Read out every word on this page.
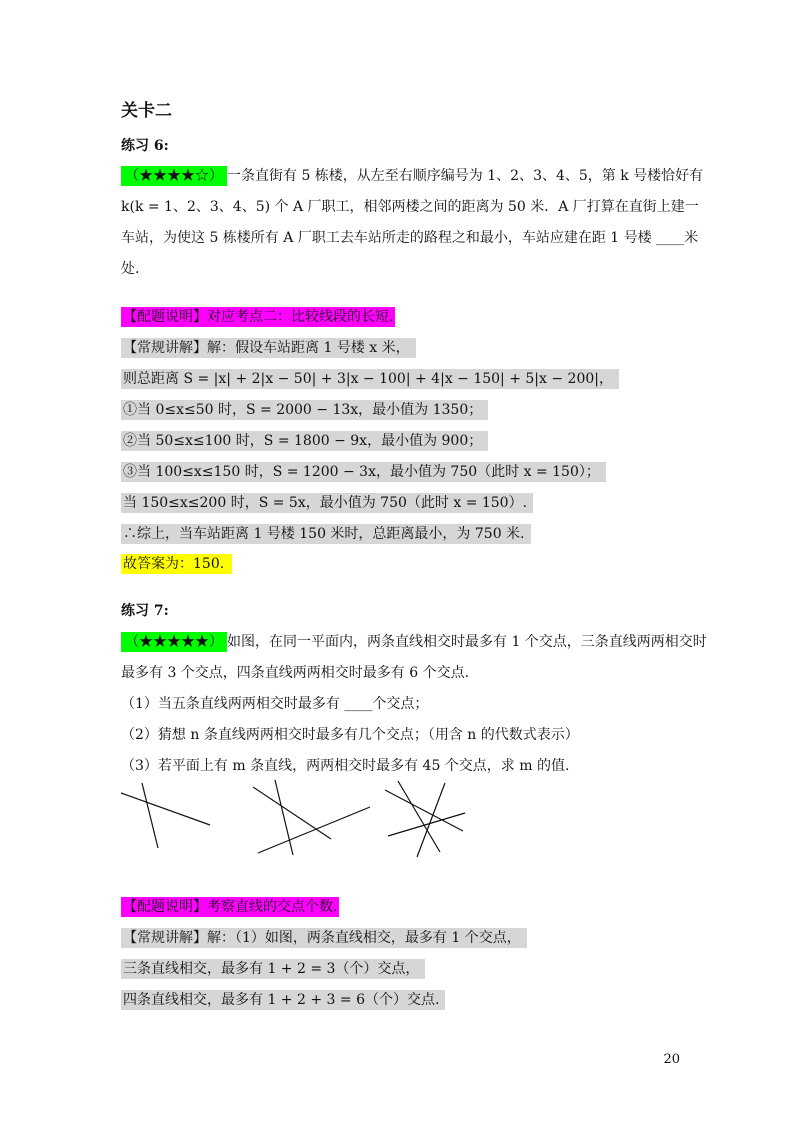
关卡二
练习 6:
（★★★★☆） 一条直街有 5 栋楼，从左至右顺序编号为 1、2、3、4、5，第 k 号楼恰好有
k(k = 1、2、3、4、5) 个 A 厂职工，相邻两楼之间的距离为 50 米．A 厂打算在直街上建一
车站，为使这 5 栋楼所有 A 厂职工去车站所走的路程之和最小，车站应建在距 1 号楼 ____米
处.
【配题说明】对应考点二：比较线段的长短.
【常规讲解】解：假设车站距离 1 号楼 x 米，
则总距离 S = |x| + 2|x − 50| + 3|x − 100| + 4|x − 150| + 5|x − 200|，
①当 0≤x≤50 时，S = 2000 − 13x，最小值为 1350；
②当 50≤x≤100 时，S = 1800 − 9x，最小值为 900；
③当 100≤x≤150 时，S = 1200 − 3x，最小值为 750（此时 x = 150）；
当 150≤x≤200 时，S = 5x，最小值为 750（此时 x = 150）.
∴综上，当车站距离 1 号楼 150 米时，总距离最小，为 750 米.
故答案为：150.
练习 7:
（★★★★★） 如图，在同一平面内，两条直线相交时最多有 1 个交点，三条直线两两相交时
最多有 3 个交点，四条直线两两相交时最多有 6 个交点.
（1）当五条直线两两相交时最多有 ____个交点；
（2）猜想 n 条直线两两相交时最多有几个交点；（用含 n 的代数式表示）
（3）若平面上有 m 条直线，两两相交时最多有 45 个交点，求 m 的值.
【配题说明】考察直线的交点个数.
【常规讲解】解：（1）如图，两条直线相交，最多有 1 个交点，
三条直线相交，最多有 1 + 2 = 3（个）交点，
四条直线相交，最多有 1 + 2 + 3 = 6（个）交点.
20
